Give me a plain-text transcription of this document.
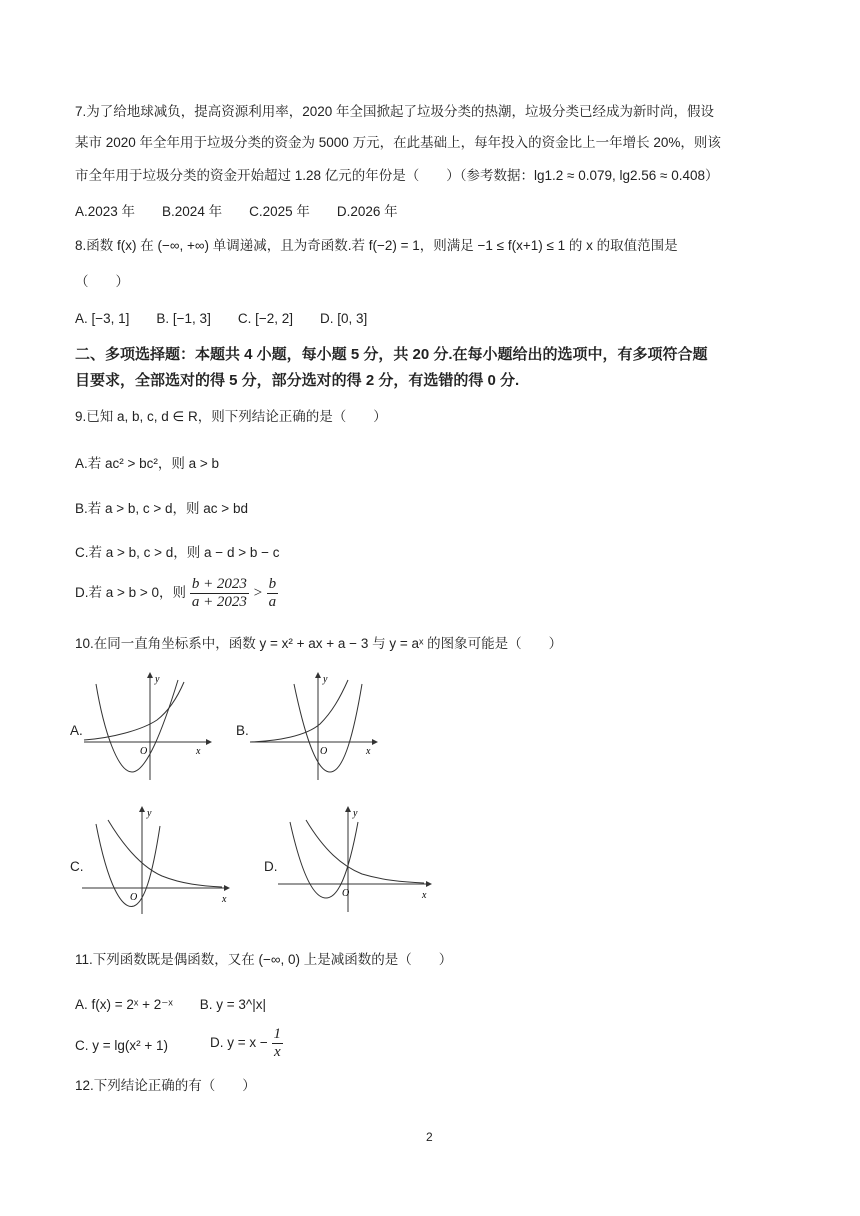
7.为了给地球减负，提高资源利用率，2020 年全国掀起了垃圾分类的热潮，垃圾分类已经成为新时尚，假设
某市 2020 年全年用于垃圾分类的资金为 5000 万元，在此基础上，每年投入的资金比上一年增长 20%，则该
市全年用于垃圾分类的资金开始超过 1.28 亿元的年份是（　　）（参考数据：lg1.2 ≈ 0.079, lg2.56 ≈ 0.408）
A.2023 年　　B.2024 年　　C.2025 年　　D.2026 年
8.函数 f(x) 在 (−∞, +∞) 单调递减，且为奇函数.若 f(−2) = 1，则满足 −1 ≤ f(x+1) ≤ 1 的 x 的取值范围是
（　　）
A. [−3, 1]　　B. [−1, 3]　　C. [−2, 2]　　D. [0, 3]
二、多项选择题：本题共 4 小题，每小题 5 分，共 20 分.在每小题给出的选项中，有多项符合题
目要求，全部选对的得 5 分，部分选对的得 2 分，有选错的得 0 分.
9.已知 a, b, c, d ∈ R，则下列结论正确的是（　　）
A.若 ac² > bc²，则 a > b
B.若 a > b, c > d，则 ac > bd
C.若 a > b, c > d，则 a − d > b − c
D.若 a > b > 0，则 $\frac{b + 2023}{a + 2023} > \frac{b}{a}$
10.在同一直角坐标系中，函数 y = x² + ax + a − 3 与 y = aˣ 的图象可能是（　　）
A.	B.
C.	D.
O
y
x	O
y
x
O
y
x
O
y
x
11.下列函数既是偶函数，又在 (−∞, 0) 上是减函数的是（　　）
A. f(x) = 2ˣ + 2⁻ˣ　　B. y = 3^|x|
C. y = lg(x² + 1)	D. $y = x - \frac{1}{x}$
12.下列结论正确的有（　　）
2
